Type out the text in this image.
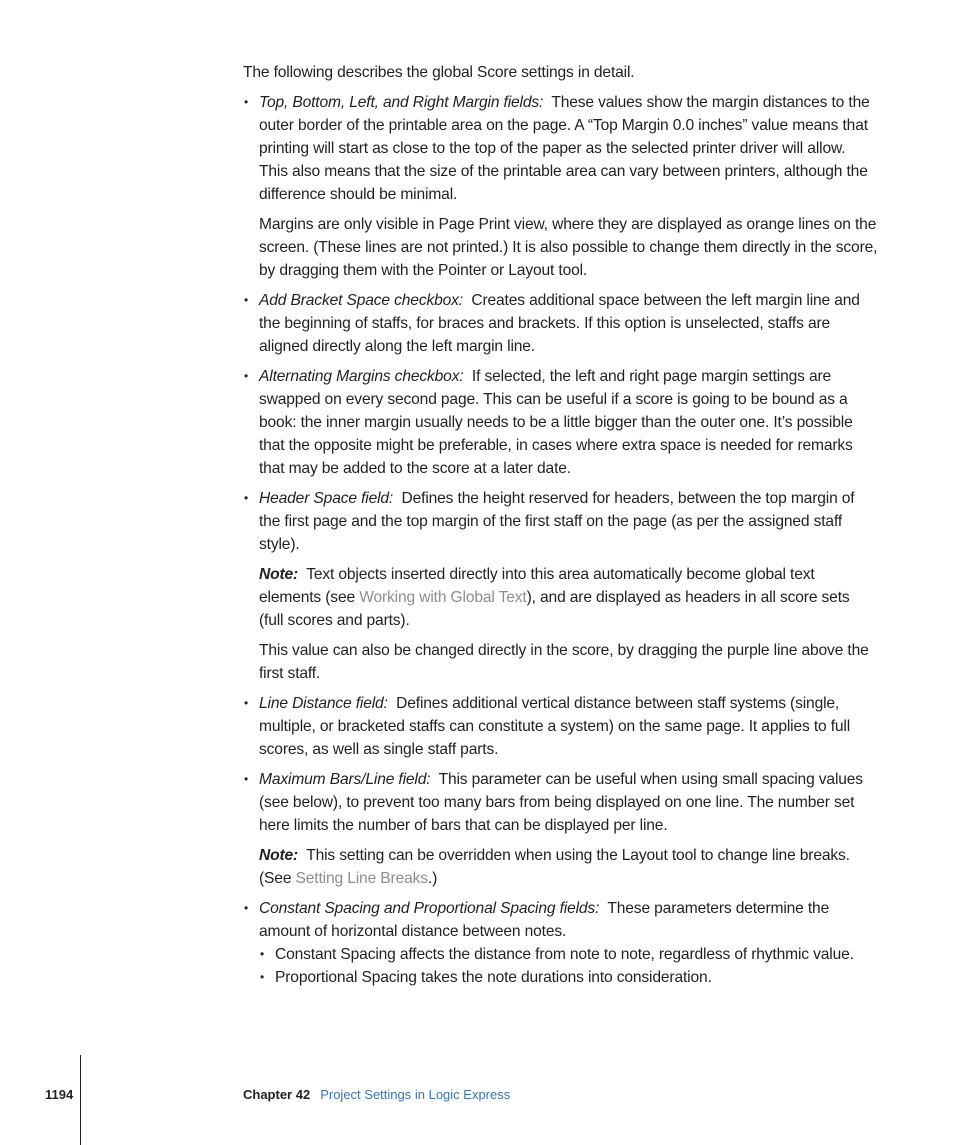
The following describes the global Score settings in detail.

• Top, Bottom, Left, and Right Margin fields: These values show the margin distances to the outer border of the printable area on the page. A “Top Margin 0.0 inches” value means that printing will start as close to the top of the paper as the selected printer driver will allow. This also means that the size of the printable area can vary between printers, although the difference should be minimal.

Margins are only visible in Page Print view, where they are displayed as orange lines on the screen. (These lines are not printed.) It is also possible to change them directly in the score, by dragging them with the Pointer or Layout tool.

• Add Bracket Space checkbox: Creates additional space between the left margin line and the beginning of staffs, for braces and brackets. If this option is unselected, staffs are aligned directly along the left margin line.

• Alternating Margins checkbox: If selected, the left and right page margin settings are swapped on every second page. This can be useful if a score is going to be bound as a book: the inner margin usually needs to be a little bigger than the outer one. It’s possible that the opposite might be preferable, in cases where extra space is needed for remarks that may be added to the score at a later date.

• Header Space field: Defines the height reserved for headers, between the top margin of the first page and the top margin of the first staff on the page (as per the assigned staff style).

Note: Text objects inserted directly into this area automatically become global text elements (see Working with Global Text), and are displayed as headers in all score sets (full scores and parts).

This value can also be changed directly in the score, by dragging the purple line above the first staff.

• Line Distance field: Defines additional vertical distance between staff systems (single, multiple, or bracketed staffs can constitute a system) on the same page. It applies to full scores, as well as single staff parts.

• Maximum Bars/Line field: This parameter can be useful when using small spacing values (see below), to prevent too many bars from being displayed on one line. The number set here limits the number of bars that can be displayed per line.

Note: This setting can be overridden when using the Layout tool to change line breaks. (See Setting Line Breaks.)

• Constant Spacing and Proportional Spacing fields: These parameters determine the amount of horizontal distance between notes.

• Constant Spacing affects the distance from note to note, regardless of rhythmic value.

• Proportional Spacing takes the note durations into consideration.

1194	Chapter 42 Project Settings in Logic Express
